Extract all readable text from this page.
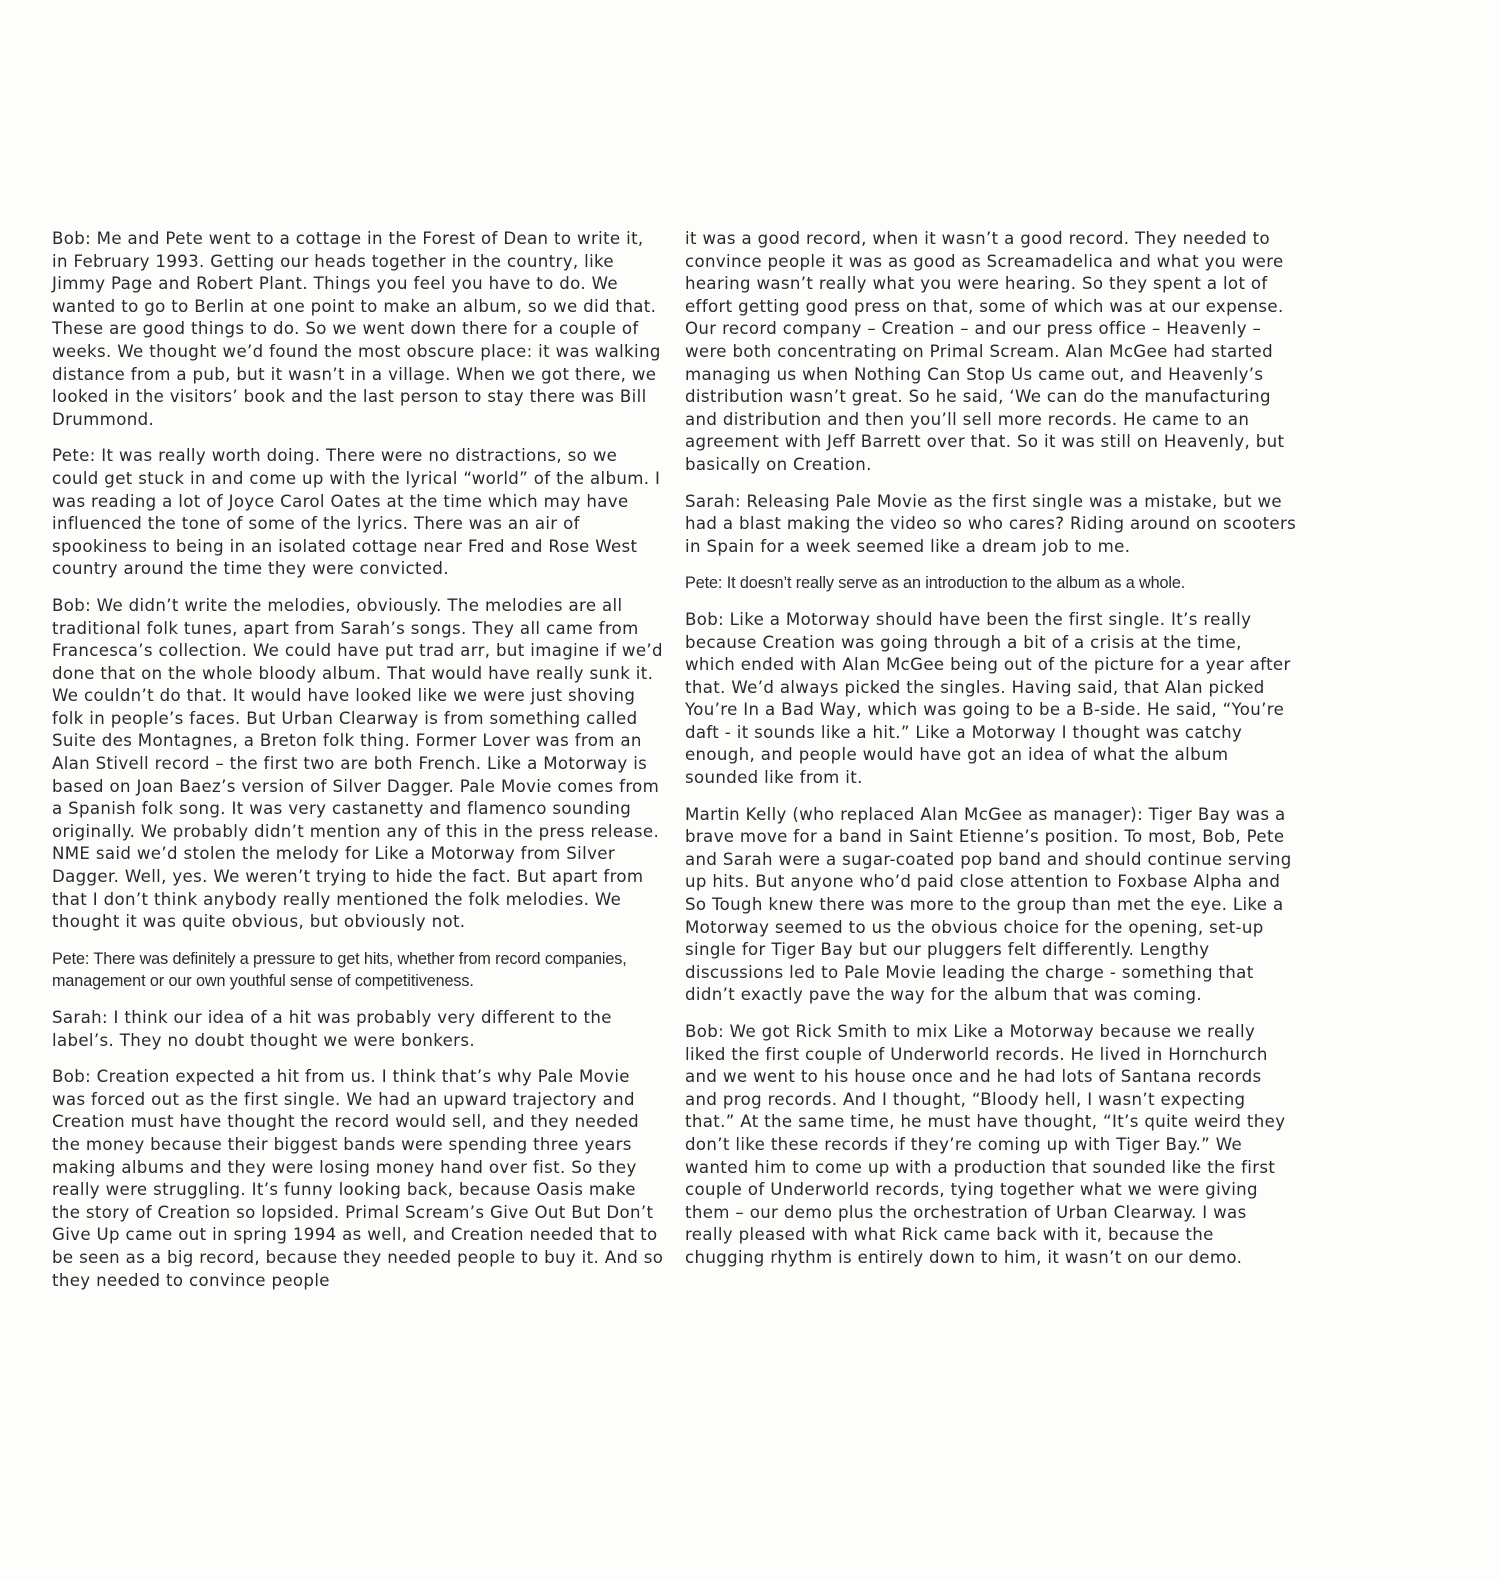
Bob: Me and Pete went to a cottage in the Forest of Dean to write it, in February 1993. Getting our heads together in the country, like Jimmy Page and Robert Plant. Things you feel you have to do. We wanted to go to Berlin at one point to make an album, so we did that. These are good things to do. So we went down there for a couple of weeks. We thought we’d found the most obscure place: it was walking distance from a pub, but it wasn’t in a village. When we got there, we looked in the visitors’ book and the last person to stay there was Bill Drummond.

Pete: It was really worth doing. There were no distractions, so we could get stuck in and come up with the lyrical “world” of the album. I was reading a lot of Joyce Carol Oates at the time which may have influenced the tone of some of the lyrics. There was an air of spookiness to being in an isolated cottage near Fred and Rose West country around the time they were convicted.

Bob: We didn’t write the melodies, obviously. The melodies are all traditional folk tunes, apart from Sarah’s songs. They all came from Francesca’s collection. We could have put trad arr, but imagine if we’d done that on the whole bloody album. That would have really sunk it. We couldn’t do that. It would have looked like we were just shoving folk in people’s faces. But Urban Clearway is from something called Suite des Montagnes, a Breton folk thing. Former Lover was from an Alan Stivell record – the first two are both French. Like a Motorway is based on Joan Baez’s version of Silver Dagger. Pale Movie comes from a Spanish folk song. It was very castanetty and flamenco sounding originally. We probably didn’t mention any of this in the press release. NME said we’d stolen the melody for Like a Motorway from Silver Dagger. Well, yes. We weren’t trying to hide the fact. But apart from that I don’t think anybody really mentioned the folk melodies. We thought it was quite obvious, but obviously not.

Pete: There was definitely a pressure to get hits, whether from record companies, management or our own youthful sense of competitiveness.

Sarah: I think our idea of a hit was probably very different to the label’s. They no doubt thought we were bonkers.

Bob: Creation expected a hit from us. I think that’s why Pale Movie was forced out as the first single. We had an upward trajectory and Creation must have thought the record would sell, and they needed the money because their biggest bands were spending three years making albums and they were losing money hand over fist. So they really were struggling. It’s funny looking back, because Oasis make the story of Creation so lopsided. Primal Scream’s Give Out But Don’t Give Up came out in spring 1994 as well, and Creation needed that to be seen as a big record, because they needed people to buy it. And so they needed to convince people

it was a good record, when it wasn’t a good record. They needed to convince people it was as good as Screamadelica and what you were hearing wasn’t really what you were hearing. So they spent a lot of effort getting good press on that, some of which was at our expense. Our record company – Creation – and our press office – Heavenly – were both concentrating on Primal Scream. Alan McGee had started managing us when Nothing Can Stop Us came out, and Heavenly’s distribution wasn’t great. So he said, ‘We can do the manufacturing and distribution and then you’ll sell more records. He came to an agreement with Jeff Barrett over that. So it was still on Heavenly, but basically on Creation.

Sarah: Releasing Pale Movie as the first single was a mistake, but we had a blast making the video so who cares? Riding around on scooters in Spain for a week seemed like a dream job to me.

Pete: It doesn’t really serve as an introduction to the album as a whole.

Bob: Like a Motorway should have been the first single. It’s really because Creation was going through a bit of a crisis at the time, which ended with Alan McGee being out of the picture for a year after that. We’d always picked the singles. Having said, that Alan picked You’re In a Bad Way, which was going to be a B-side. He said, “You’re daft - it sounds like a hit.” Like a Motorway I thought was catchy enough, and people would have got an idea of what the album sounded like from it.

Martin Kelly (who replaced Alan McGee as manager): Tiger Bay was a brave move for a band in Saint Etienne’s position. To most, Bob, Pete and Sarah were a sugar-coated pop band and should continue serving up hits. But anyone who’d paid close attention to Foxbase Alpha and So Tough knew there was more to the group than met the eye. Like a Motorway seemed to us the obvious choice for the opening, set-up single for Tiger Bay but our pluggers felt differently. Lengthy discussions led to Pale Movie leading the charge - something that didn’t exactly pave the way for the album that was coming.

Bob: We got Rick Smith to mix Like a Motorway because we really liked the first couple of Underworld records. He lived in Hornchurch and we went to his house once and he had lots of Santana records and prog records. And I thought, “Bloody hell, I wasn’t expecting that.” At the same time, he must have thought, “It’s quite weird they don’t like these records if they’re coming up with Tiger Bay.” We wanted him to come up with a production that sounded like the first couple of Underworld records, tying together what we were giving them – our demo plus the orchestration of Urban Clearway. I was really pleased with what Rick came back with it, because the chugging rhythm is entirely down to him, it wasn’t on our demo.
